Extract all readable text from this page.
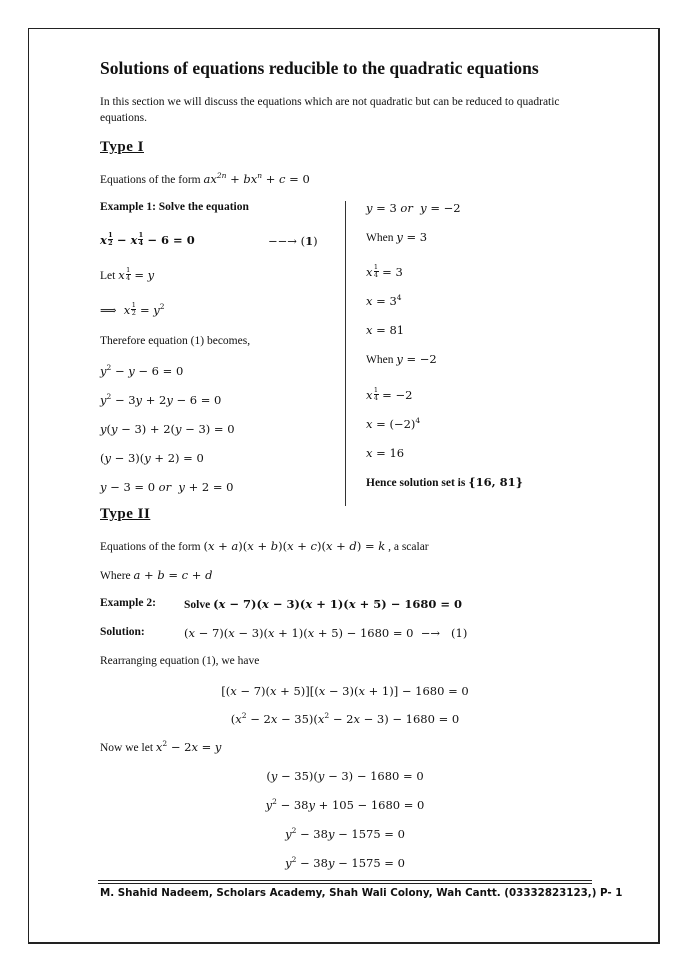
Solutions of equations reducible to the quadratic equations
In this section we will discuss the equations which are not quadratic but can be reduced to quadratic equations.
Type I
Equations of the form $ax^{2n} + bx^n + c = 0$
Example 1: Solve the equation
x $\frac{1}{2} - x \frac{1}{4} - 6 = 0$	−−→ (1)
Let x $\frac{1}{4} = y$
⟹  x $\frac{1}{2} = y^2$
Therefore equation (1) becomes,
$y^2 - y - 6 = 0$
$y^2 - 3y + 2y - 6 = 0$
y(y − 3) + 2(y − 3) = 0
(y − 3)(y + 2) = 0
y − 3 = 0 or  y + 2 = 0
y = 3 or  y = −2
When y = 3
x $\frac{1}{4} = 3$
$x = 3^4$
x = 81
When y = −2
x $\frac{1}{4} = -2$
$x = (-2)^4$
x = 16
Hence solution set is {16, 81}
Type II
Equations of the form (x + a)(x + b)(x + c)(x + d) = k , a scalar
Where a + b = c + d
Example 2: Solve (x − 7)(x − 3)(x + 1)(x + 5) − 1680 = 0
Solution:	(x − 7)(x − 3)(x + 1)(x + 5) − 1680 = 0  −→   (1)
Rearranging equation (1), we have
[(x − 7)(x + 5)][(x − 3)(x + 1)] − 1680 = 0
$(x^2 - 2x - 35)(x^2 - 2x - 3) - 1680 = 0$
Now we let $x^2 - 2x = y$
(y − 35)(y − 3) − 1680 = 0
$y^2 - 38y + 105 - 1680 = 0$
$y^2 - 38y - 1575 = 0$
$y^2 - 38y - 1575 = 0$
M. Shahid Nadeem, Scholars Academy, Shah Wali Colony, Wah Cantt. (03332823123,) P- 1
